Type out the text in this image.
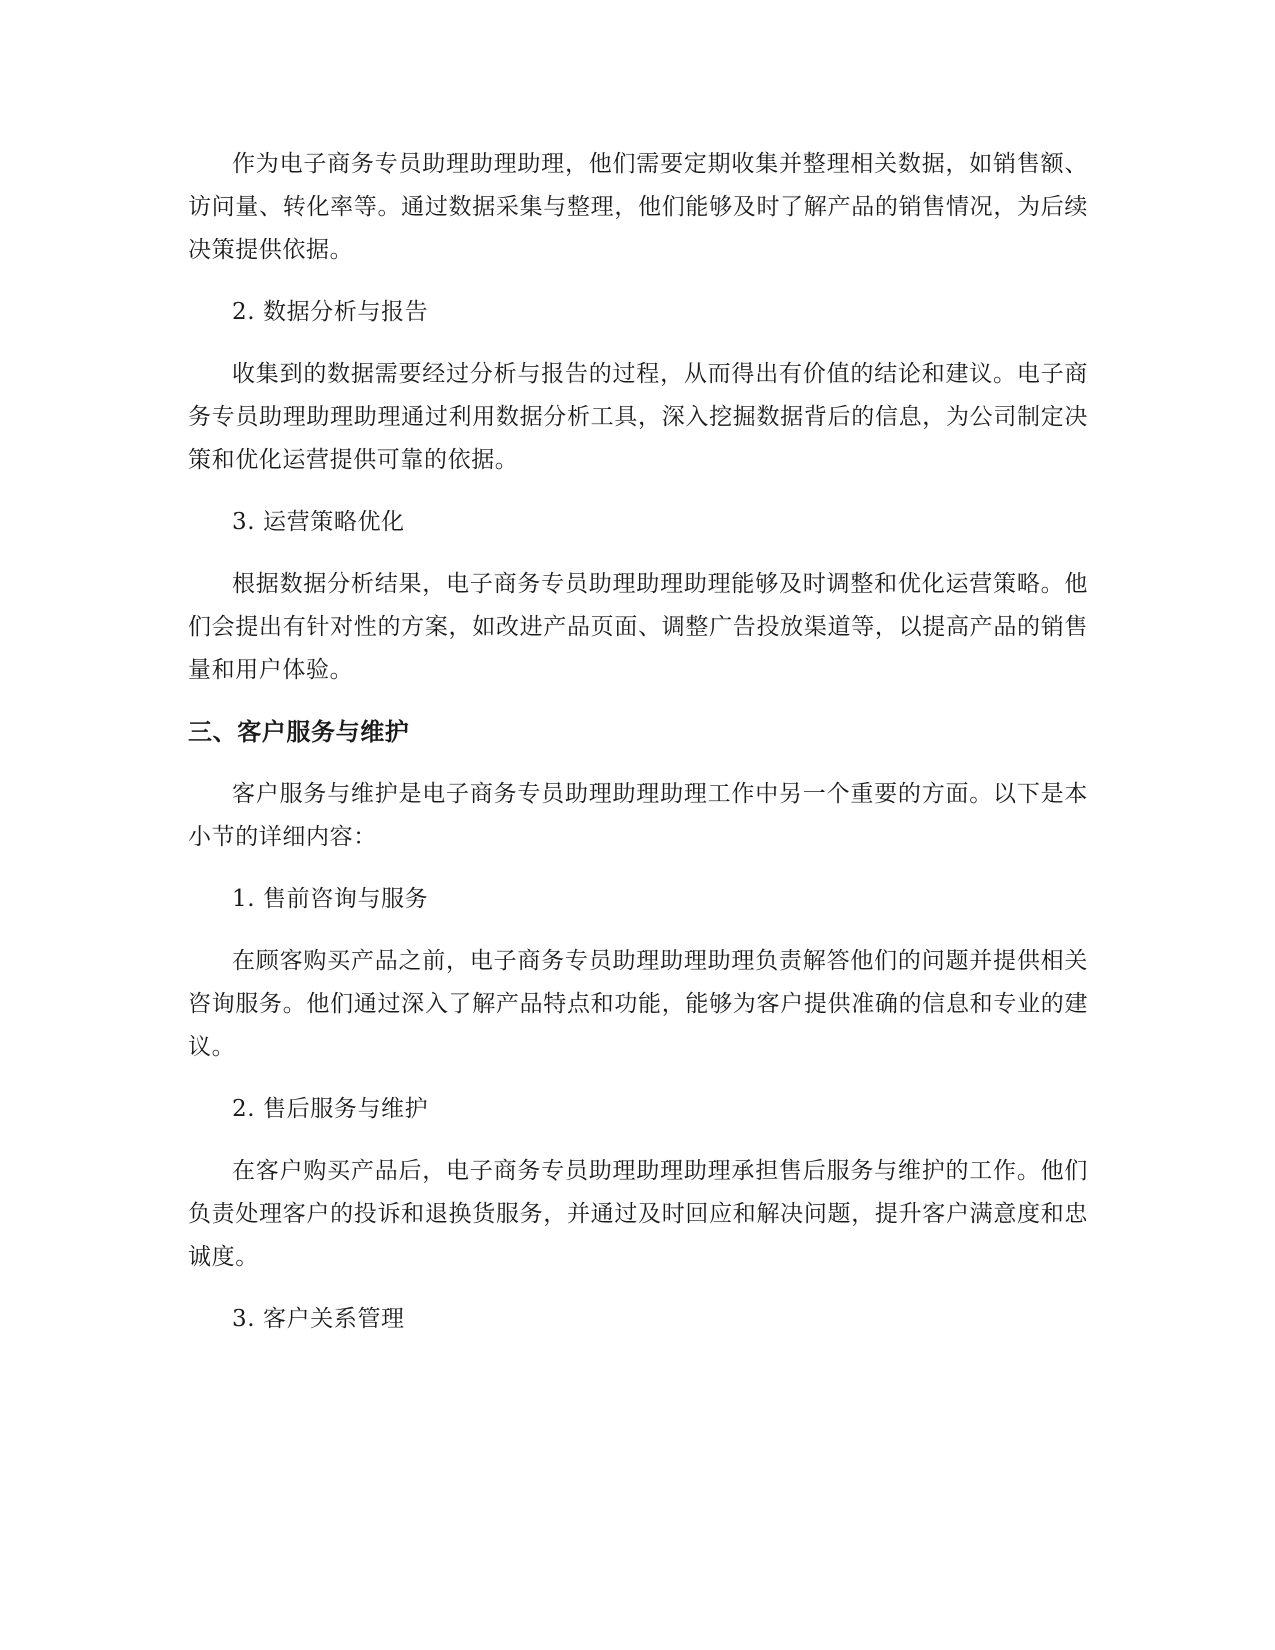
作为电子商务专员助理助理助理，他们需要定期收集并整理相关数据，如销售额、访问量、转化率等。通过数据采集与整理，他们能够及时了解产品的销售情况，为后续决策提供依据。

2. 数据分析与报告

收集到的数据需要经过分析与报告的过程，从而得出有价值的结论和建议。电子商务专员助理助理助理通过利用数据分析工具，深入挖掘数据背后的信息，为公司制定决策和优化运营提供可靠的依据。

3. 运营策略优化

根据数据分析结果，电子商务专员助理助理助理能够及时调整和优化运营策略。他们会提出有针对性的方案，如改进产品页面、调整广告投放渠道等，以提高产品的销售量和用户体验。

三、客户服务与维护

客户服务与维护是电子商务专员助理助理助理工作中另一个重要的方面。以下是本小节的详细内容：

1. 售前咨询与服务

在顾客购买产品之前，电子商务专员助理助理助理负责解答他们的问题并提供相关咨询服务。他们通过深入了解产品特点和功能，能够为客户提供准确的信息和专业的建议。

2. 售后服务与维护

在客户购买产品后，电子商务专员助理助理助理承担售后服务与维护的工作。他们负责处理客户的投诉和退换货服务，并通过及时回应和解决问题，提升客户满意度和忠诚度。

3. 客户关系管理
